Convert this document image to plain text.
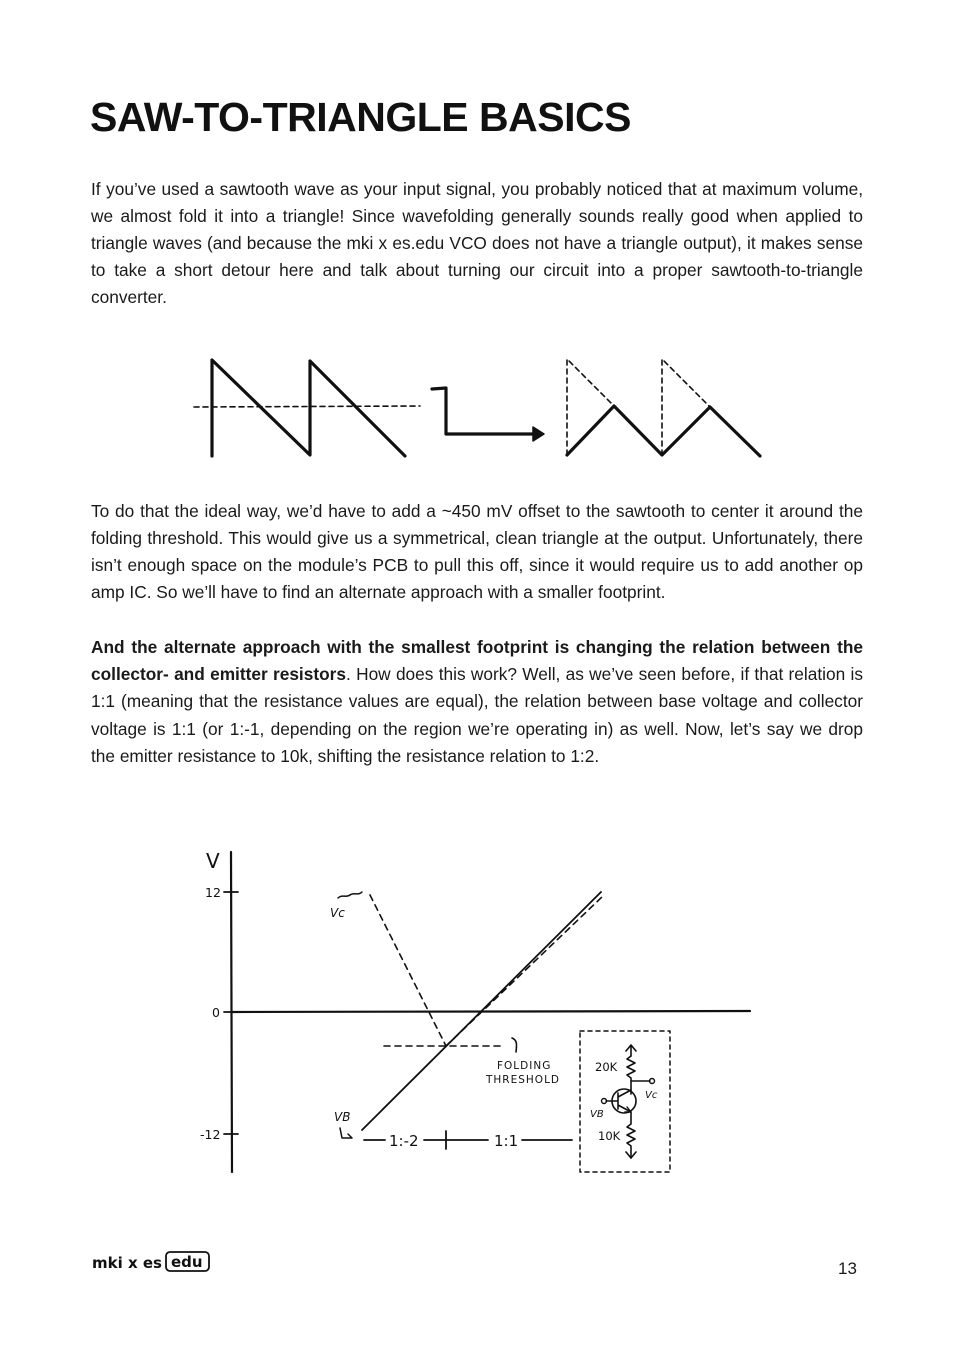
SAW-TO-TRIANGLE BASICS

If you’ve used a sawtooth wave as your input signal, you probably noticed that at maximum volume, we almost fold it into a triangle! Since wavefolding generally sounds really good when applied to triangle waves (and because the mki x es.edu VCO does not have a triangle output), it makes sense to take a short detour here and talk about turning our circuit into a proper sawtooth-to-triangle converter.

To do that the ideal way, we’d have to add a ~450 mV offset to the sawtooth to center it around the folding threshold. This would give us a symmetrical, clean triangle at the output. Unfortunately, there isn’t enough space on the module’s PCB to pull this off, since it would require us to add another op amp IC. So we’ll have to find an alternate approach with a smaller footprint.

And the alternate approach with the smallest footprint is changing the relation between the collector- and emitter resistors. How does this work? Well, as we’ve seen before, if that relation is 1:1 (meaning that the resistance values are equal), the relation between base voltage and collector voltage is 1:1 (or 1:-1, depending on the region we’re operating in) as well. Now, let’s say we drop the emitter resistance to 10k, shifting the resistance relation to 1:2.

V
12
0
-12
Vc
VB
FOLDING
THRESHOLD
1:-2	1:1
20K
Vc
VB
10K
mki x es edu	13
